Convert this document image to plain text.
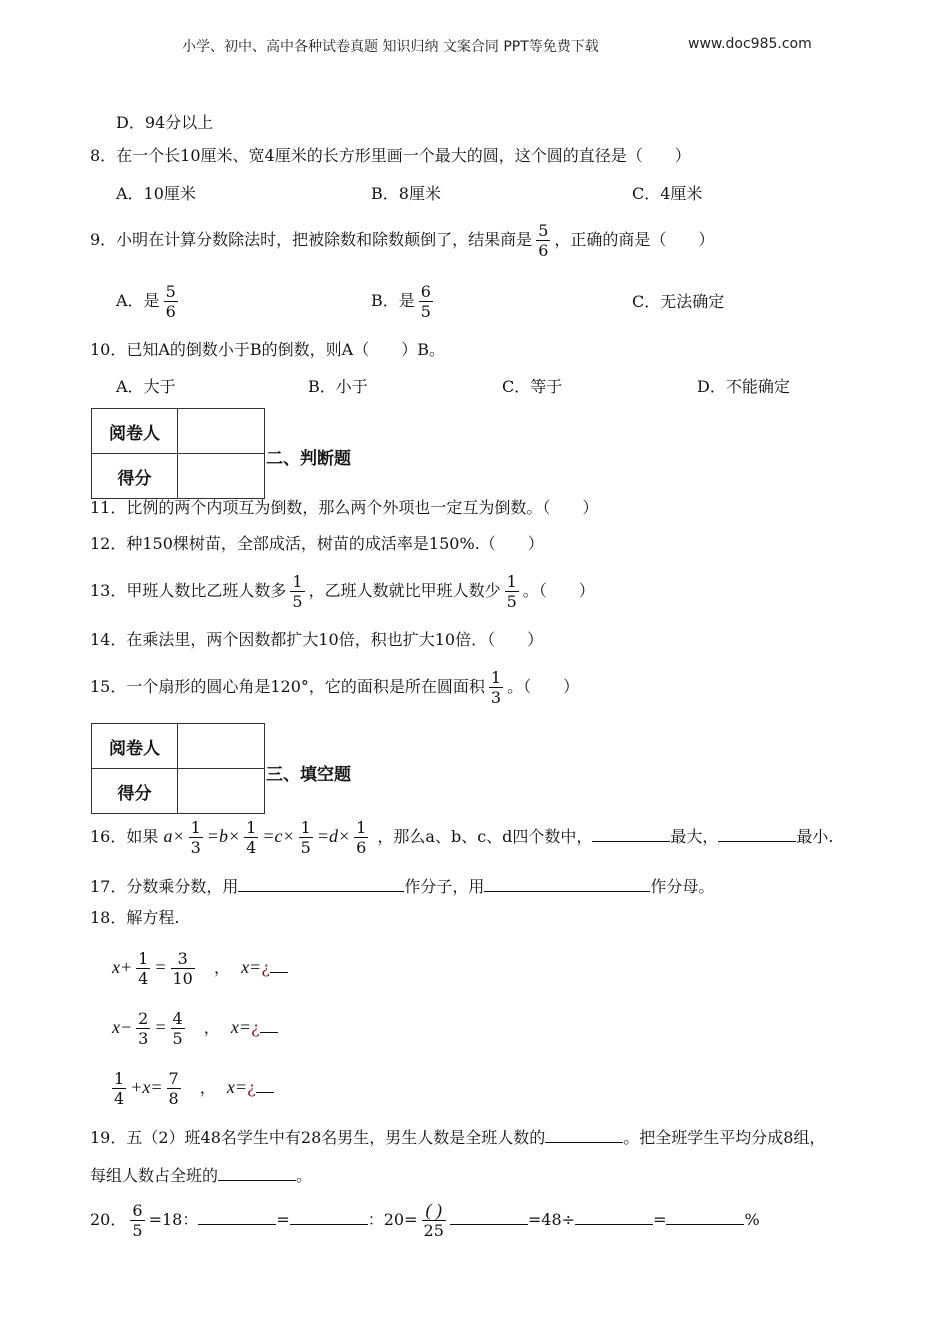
小学、初中、高中各种试卷真题 知识归纳 文案合同 PPT等免费下载	www.doc985.com
D．94分以上
8．在一个长10厘米、宽4厘米的长方形里画一个最大的圆，这个圆的直径是（　　）
A．10厘米	B．8厘米	C．4厘米
9．小明在计算分数除法时，把被除数和除数颠倒了，结果商是 $\frac{5}{6}$ ，正确的商是（　　）
A．是 $\frac{5}{6}$	B．是 $\frac{6}{5}$	C．无法确定
10．已知A的倒数小于B的倒数，则A（　　）B。
A．大于	B．小于	C．等于	D．不能确定
阅卷人	
得分	
二、判断题
11．比例的两个内项互为倒数，那么两个外项也一定互为倒数。（　　）
12．种150棵树苗，全部成活，树苗的成活率是150%.（　　）
13．甲班人数比乙班人数多 $\frac{1}{5}$ ，乙班人数就比甲班人数少 $\frac{1}{5}$ 。（　　）
14．在乘法里，两个因数都扩大10倍，积也扩大10倍．（　　）
15．一个扇形的圆心角是120°，它的面积是所在圆面积 $\frac{1}{3}$ 。（　　）
阅卷人	
得分	
三、填空题
16．如果 $a\times \frac{1}{3} =b\times \frac{1}{4} =c\times \frac{1}{5} =d\times \frac{1}{6}$ ，那么a、b、c、d四个数中，	最大，	最小.
17．分数乘分数，用	作分子，用	作分母。
18．解方程.
$x+ \frac{1}{4} = \frac{3}{10}$ ， x=¿
$x- \frac{2}{3} = \frac{4}{5}$ ， x=¿
$\frac{1}{4} +x= \frac{7}{8}$ ， x=¿
19．五（2）班48名学生中有28名男生，男生人数是全班人数的	。把全班学生平均分成8组，
每组人数占全班的	。
20． $\frac{6}{5} =18$：	=	：$20= \frac{( )}{25}$	=48÷	=	%
